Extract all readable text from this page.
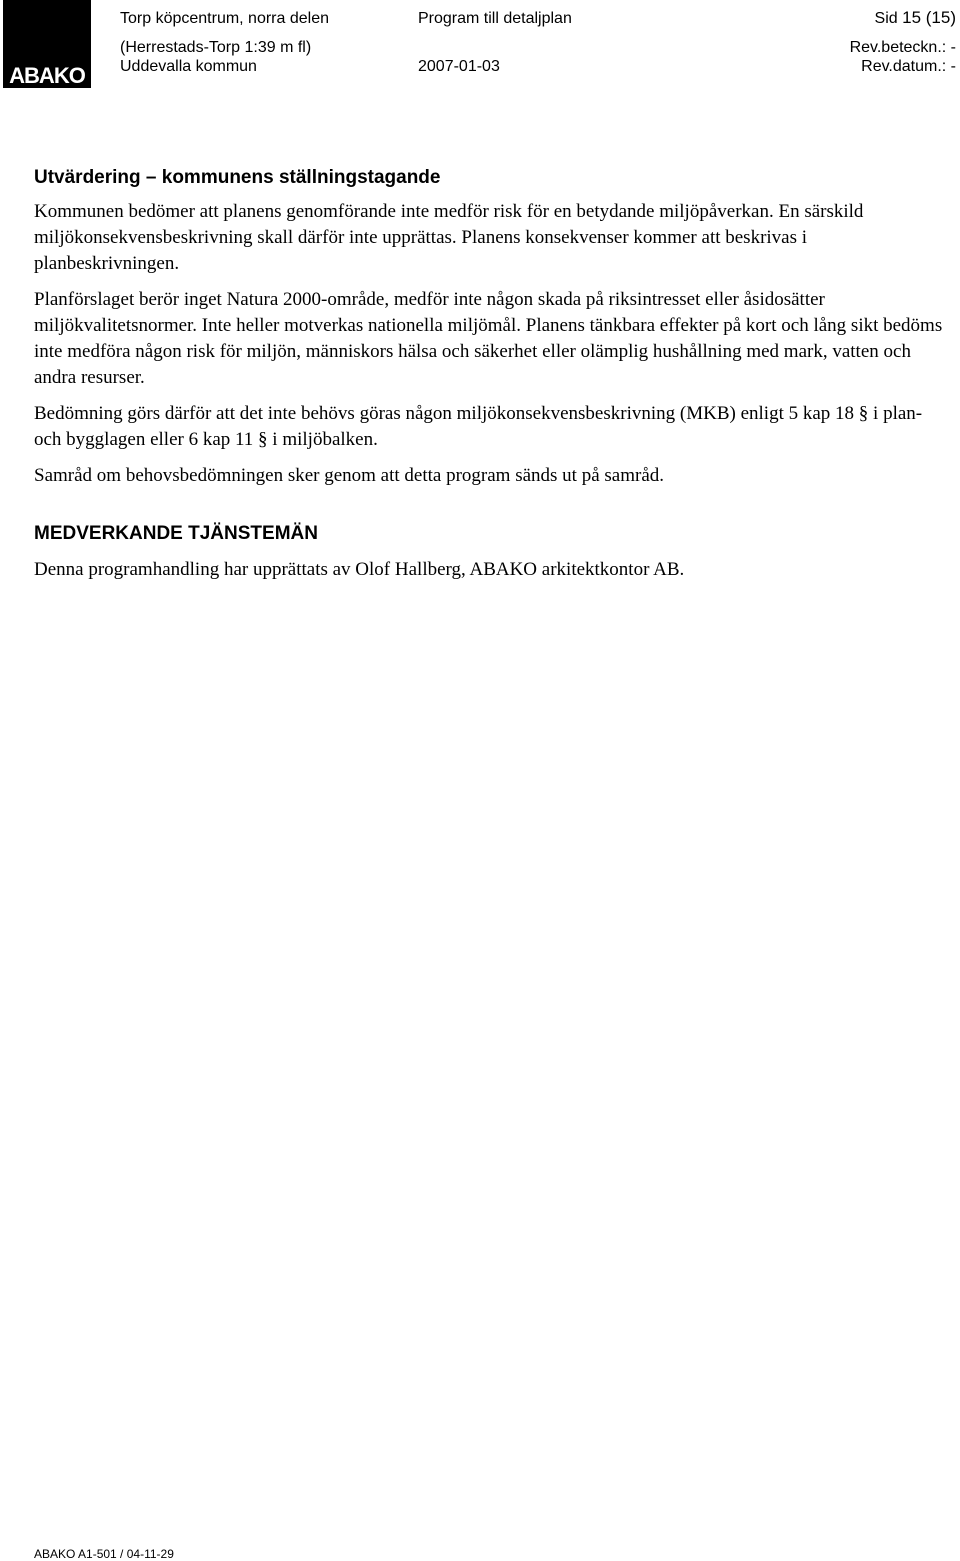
ABAKO
Torp köpcentrum, norra delen
(Herrestads-Torp 1:39 m fl)
Uddevalla kommun
Program till detaljplan
2007-01-03
Sid 15 (15)
Rev.beteckn.: -
Rev.datum.: -
Utvärdering – kommunens ställningstagande

Kommunen bedömer att planens genomförande inte medför risk för en betydande miljöpåverkan. En särskild miljökonsekvensbeskrivning skall därför inte upprättas. Planens konsekvenser kommer att beskrivas i planbeskrivningen.

Planförslaget berör inget Natura 2000-område, medför inte någon skada på riksintresset eller åsidosätter miljökvalitetsnormer. Inte heller motverkas nationella miljömål. Planens tänkbara effekter på kort och lång sikt bedöms inte medföra någon risk för miljön, människors hälsa och säkerhet eller olämplig hushållning med mark, vatten och andra resurser.

Bedömning görs därför att det inte behövs göras någon miljökonsekvensbeskrivning (MKB) enligt 5 kap 18 § i plan- och bygglagen eller 6 kap 11 § i miljöbalken.

Samråd om behovsbedömningen sker genom att detta program sänds ut på samråd.

MEDVERKANDE TJÄNSTEMÄN

Denna programhandling har upprättats av Olof Hallberg, ABAKO arkitektkontor AB.

ABAKO A1-501 / 04-11-29
